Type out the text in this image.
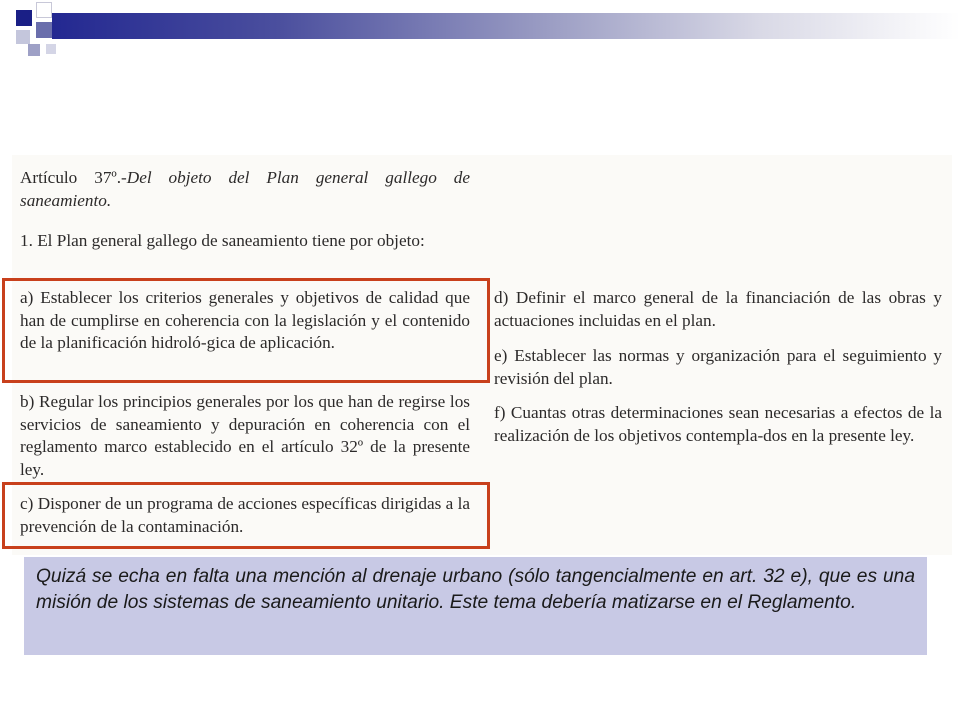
Artículo 37º.-Del objeto del Plan general gallego de saneamiento.
1. El Plan general gallego de saneamiento tiene por objeto:
a) Establecer los criterios generales y objetivos de calidad que han de cumplirse en coherencia con la legislación y el contenido de la planificación hidroló-gica de aplicación.
b) Regular los principios generales por los que han de regirse los servicios de saneamiento y depuración en coherencia con el reglamento marco establecido en el artículo 32º de la presente ley.
c) Disponer de un programa de acciones específicas dirigidas a la prevención de la contaminación.
d) Definir el marco general de la financiación de las obras y actuaciones incluidas en el plan.
e) Establecer las normas y organización para el seguimiento y revisión del plan.
f) Cuantas otras determinaciones sean necesarias a efectos de la realización de los objetivos contempla-dos en la presente ley.
Quizá se echa en falta una mención al drenaje urbano (sólo tangencialmente en art. 32 e), que es una misión de los sistemas de saneamiento unitario. Este tema debería matizarse en el Reglamento.
